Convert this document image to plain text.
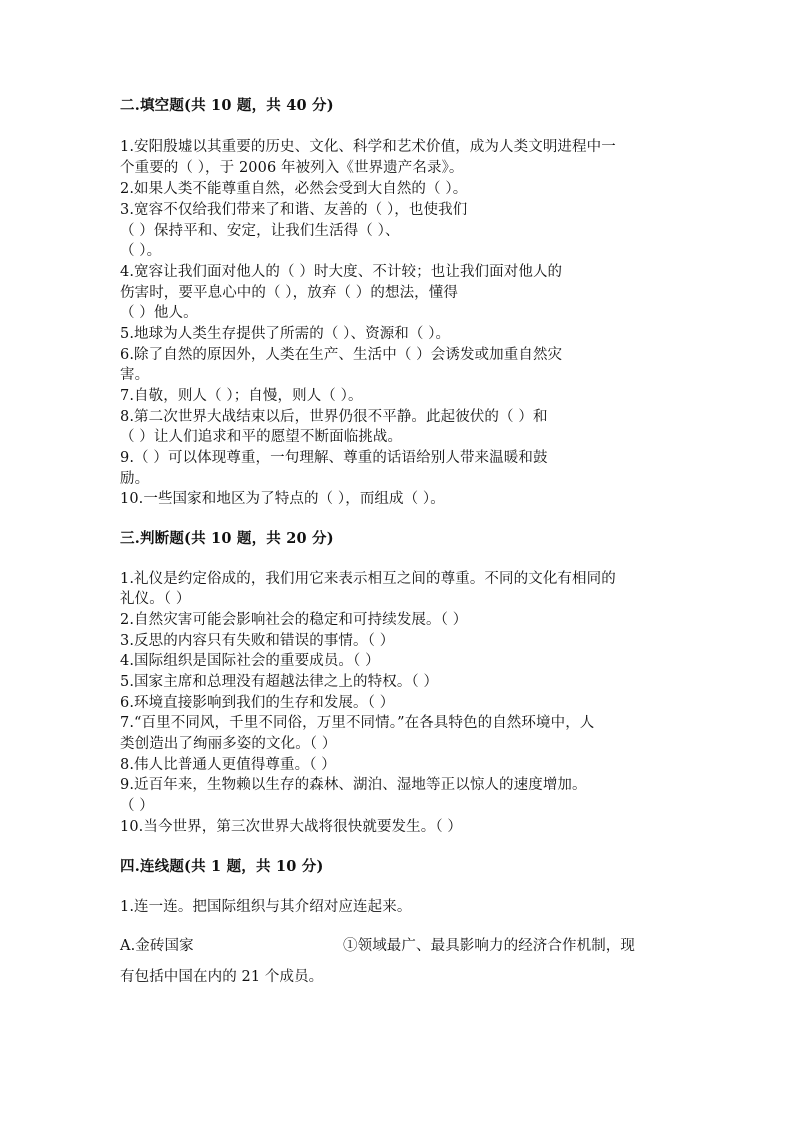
二.填空题(共 10 题，共 40 分)
1.安阳殷墟以其重要的历史、文化、科学和艺术价值，成为人类文明进程中一
个重要的（ ），于 2006 年被列入《世界遗产名录》。
2.如果人类不能尊重自然，必然会受到大自然的（ ）。
3.宽容不仅给我们带来了和谐、友善的（ ），也使我们
（ ）保持平和、安定，让我们生活得（ ）、
（ ）。
4.宽容让我们面对他人的（ ）时大度、不计较；也让我们面对他人的
伤害时，要平息心中的（ ），放弃（ ）的想法，懂得
（ ）他人。
5.地球为人类生存提供了所需的（ ）、资源和（ ）。
6.除了自然的原因外，人类在生产、生活中（ ）会诱发或加重自然灾
害。
7.自敬，则人（ ）；自慢，则人（ ）。
8.第二次世界大战结束以后，世界仍很不平静。此起彼伏的（ ）和
（ ）让人们追求和平的愿望不断面临挑战。
9.（ ）可以体现尊重，一句理解、尊重的话语给别人带来温暖和鼓
励。
10.一些国家和地区为了特点的（ ），而组成（ ）。
三.判断题(共 10 题，共 20 分)
1.礼仪是约定俗成的，我们用它来表示相互之间的尊重。不同的文化有相同的
礼仪。（ ）
2.自然灾害可能会影响社会的稳定和可持续发展。（ ）
3.反思的内容只有失败和错误的事情。（ ）
4.国际组织是国际社会的重要成员。（ ）
5.国家主席和总理没有超越法律之上的特权。（ ）
6.环境直接影响到我们的生存和发展。（ ）
7.“百里不同风，千里不同俗，万里不同情。”在各具特色的自然环境中，人
类创造出了绚丽多姿的文化。（ ）
8.伟人比普通人更值得尊重。（ ）
9.近百年来，生物赖以生存的森林、湖泊、湿地等正以惊人的速度增加。
（ ）
10.当今世界，第三次世界大战将很快就要发生。（ ）
四.连线题(共 1 题，共 10 分)
1.连一连。把国际组织与其介绍对应连起来。
A.金砖国家	①领域最广、最具影响力的经济合作机制，现
有包括中国在内的 21 个成员。
